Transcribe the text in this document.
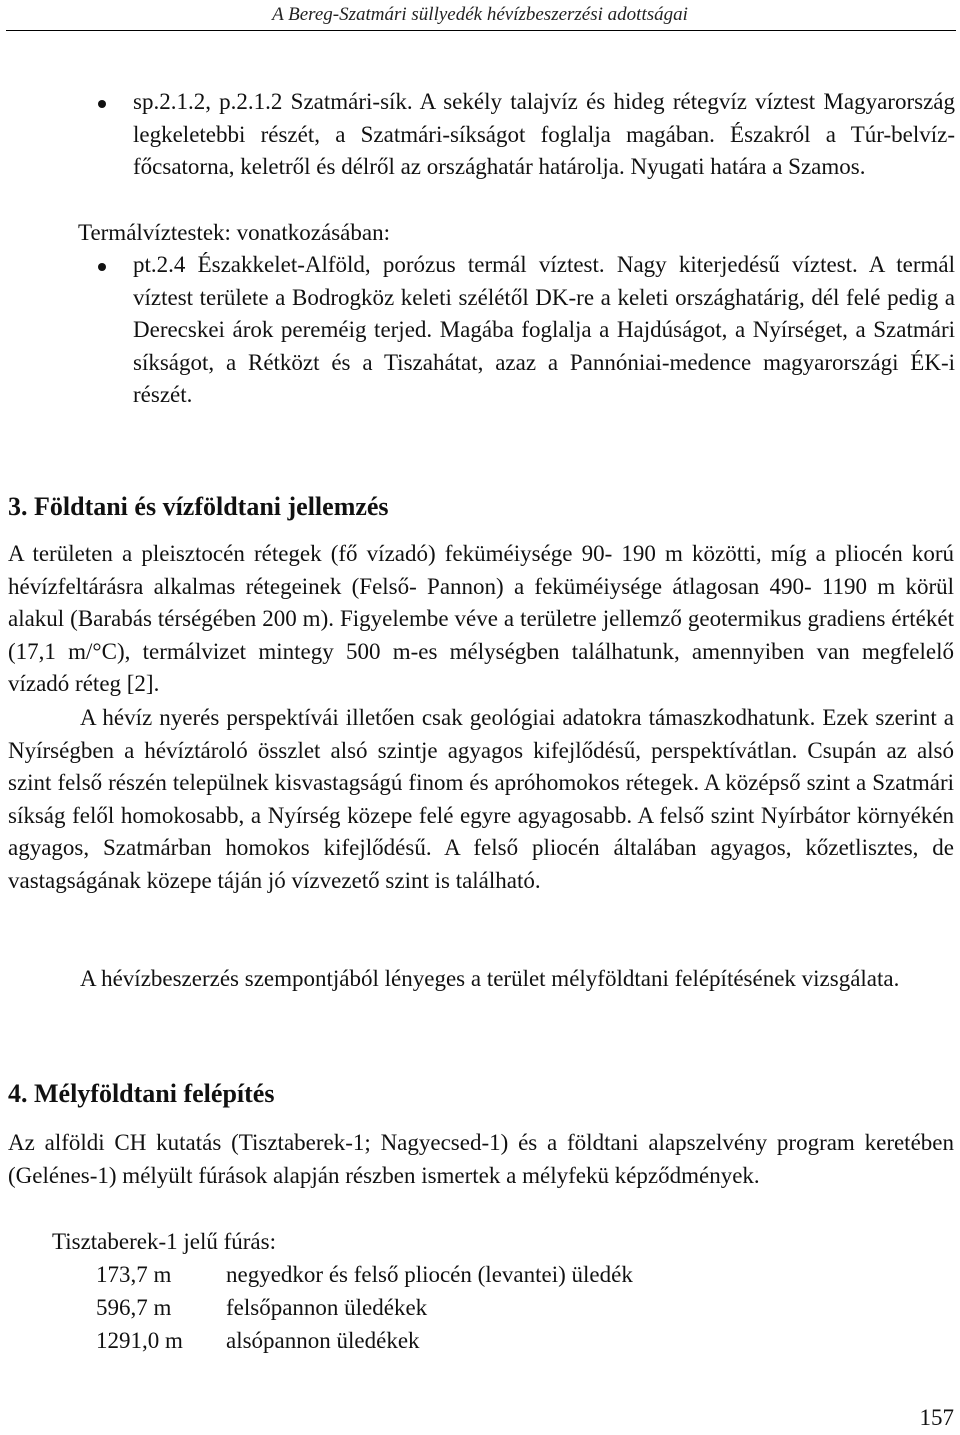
A Bereg-Szatmári süllyedék hévízbeszerzési adottságai
sp.2.1.2, p.2.1.2 Szatmári-sík. A sekély talajvíz és hideg rétegvíz víztest Magyarország legkeletebbi részét, a Szatmári-síkságot foglalja magában. Északról a Túr-belvíz-főcsatorna, keletről és délről az országhatár határolja. Nyugati határa a Szamos.
Termálvíztestek: vonatkozásában:
pt.2.4 Északkelet-Alföld, porózus termál víztest. Nagy kiterjedésű víztest. A termál víztest területe a Bodrogköz keleti szélétől DK-re a keleti országhatárig, dél felé pedig a Derecskei árok pereméig terjed. Magába foglalja a Hajdúságot, a Nyírséget, a Szatmári síkságot, a Rétközt és a Tiszahátat, azaz a Pannóniai-medence magyarországi ÉK-i részét.
3. Földtani és vízföldtani jellemzés
A területen a pleisztocén rétegek (fő vízadó) feküméiysége 90- 190 m közötti, míg a pliocén korú hévízfeltárásra alkalmas rétegeinek (Felső- Pannon) a feküméiysége átlagosan 490- 1190 m körül alakul (Barabás térségében 200 m). Figyelembe véve a területre jellemző geotermikus gradiens értékét (17,1 m/°C), termálvizet mintegy 500 m-es mélységben találhatunk, amennyiben van megfelelő vízadó réteg [2].
A hévíz nyerés perspektívái illetően csak geológiai adatokra támaszkodhatunk. Ezek szerint a Nyírségben a hévíztároló összlet alsó szintje agyagos kifejlődésű, perspektívátlan. Csupán az alsó szint felső részén települnek kisvastagságú finom és apróhomokos rétegek. A középső szint a Szatmári síkság felől homokosabb, a Nyírség közepe felé egyre agyagosabb. A felső szint Nyírbátor környékén agyagos, Szatmárban homokos kifejlődésű. A felső pliocén általában agyagos, kőzetlisztes, de vastagságának közepe táján jó vízvezető szint is található.
A hévízbeszerzés szempontjából lényeges a terület mélyföldtani felépítésének vizsgálata.
4. Mélyföldtani felépítés
Az alföldi CH kutatás (Tisztaberek-1; Nagyecsed-1) és a földtani alapszelvény program keretében (Gelénes-1) mélyült fúrások alapján részben ismertek a mélyfekü képződmények.
Tisztaberek-1 jelű fúrás:
173,7 m negyedkor és felső pliocén (levantei) üledék
596,7 m felsőpannon üledékek
1291,0 m alsópannon üledékek
157
